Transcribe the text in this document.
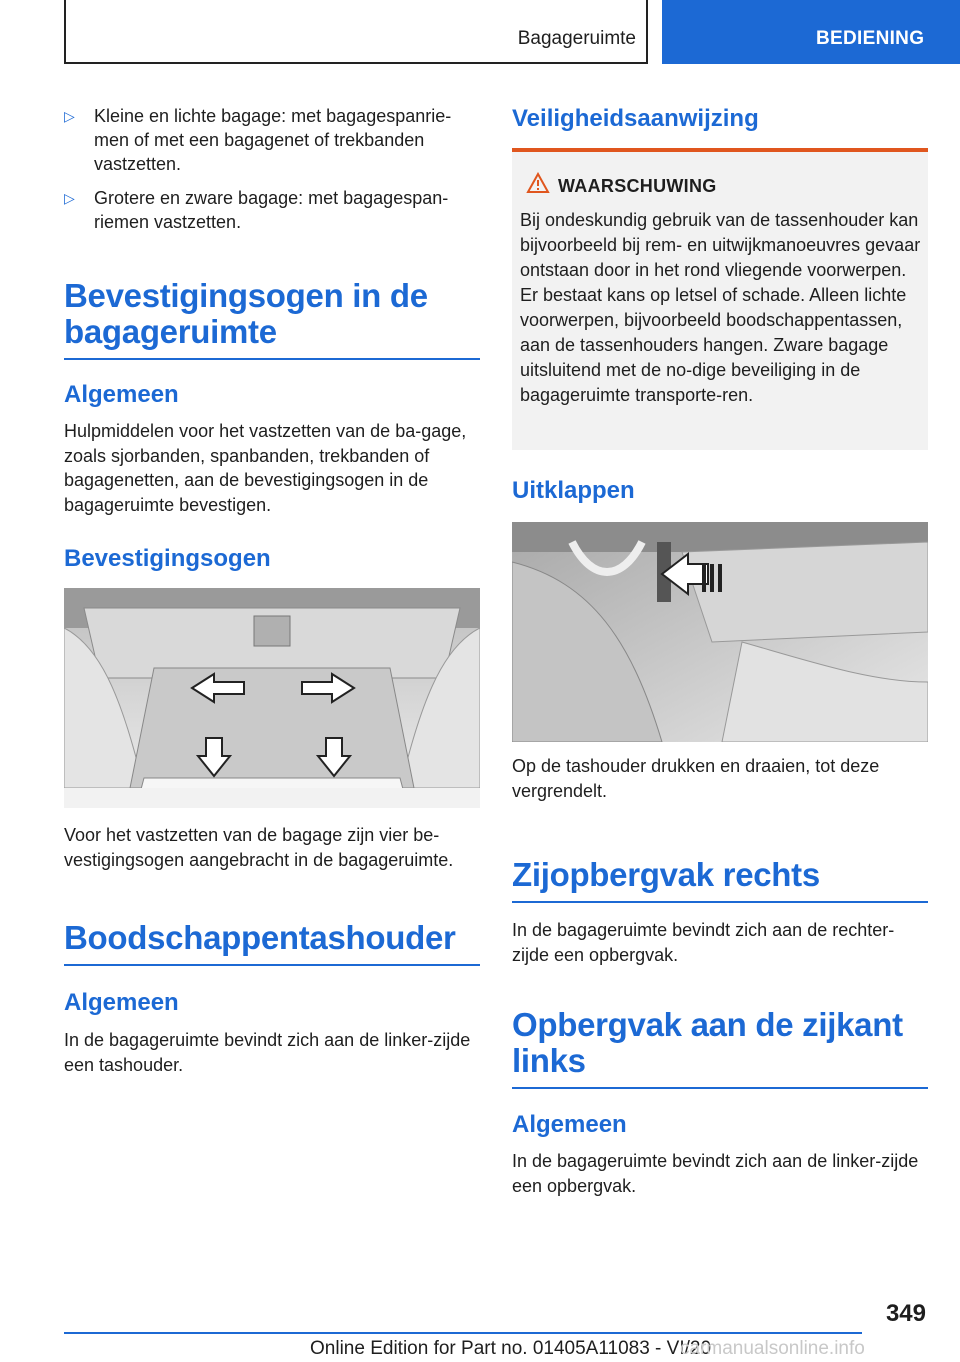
Bagageruimte	BEDIENING
▷ Kleine en lichte bagage: met bagagespanrie-men of met een bagagenet of trekbanden vastzetten.
▷ Grotere en zware bagage: met bagagespan-riemen vastzetten.
Bevestigingsogen in de bagageruimte
Algemeen
Hulpmiddelen voor het vastzetten van de ba-gage, zoals sjorbanden, spanbanden, trekbanden of bagagenetten, aan de bevestigingsogen in de bagageruimte bevestigen.
Bevestigingsogen
Voor het vastzetten van de bagage zijn vier be-vestigingsogen aangebracht in de bagageruimte.
Boodschappentashouder
Algemeen
In de bagageruimte bevindt zich aan de linker-zijde een tashouder.
Veiligheidsaanwijzing
WAARSCHUWING
Bij ondeskundig gebruik van de tassenhouder kan bijvoorbeeld bij rem- en uitwijkmanoeuvres gevaar ontstaan door in het rond vliegende voorwerpen. Er bestaat kans op letsel of schade. Alleen lichte voorwerpen, bijvoorbeeld boodschappentassen, aan de tassenhouders hangen. Zware bagage uitsluitend met de no-dige beveiliging in de bagageruimte transporte-ren.
Uitklappen
Op de tashouder drukken en draaien, tot deze vergrendelt.
Zijopbergvak rechts
In de bagageruimte bevindt zich aan de rechter-zijde een opbergvak.
Opbergvak aan de zijkant links
Algemeen
In de bagageruimte bevindt zich aan de linker-zijde een opbergvak.
349
Online Edition for Part no. 01405A11083 - VI/20
carmanualsonline.info
